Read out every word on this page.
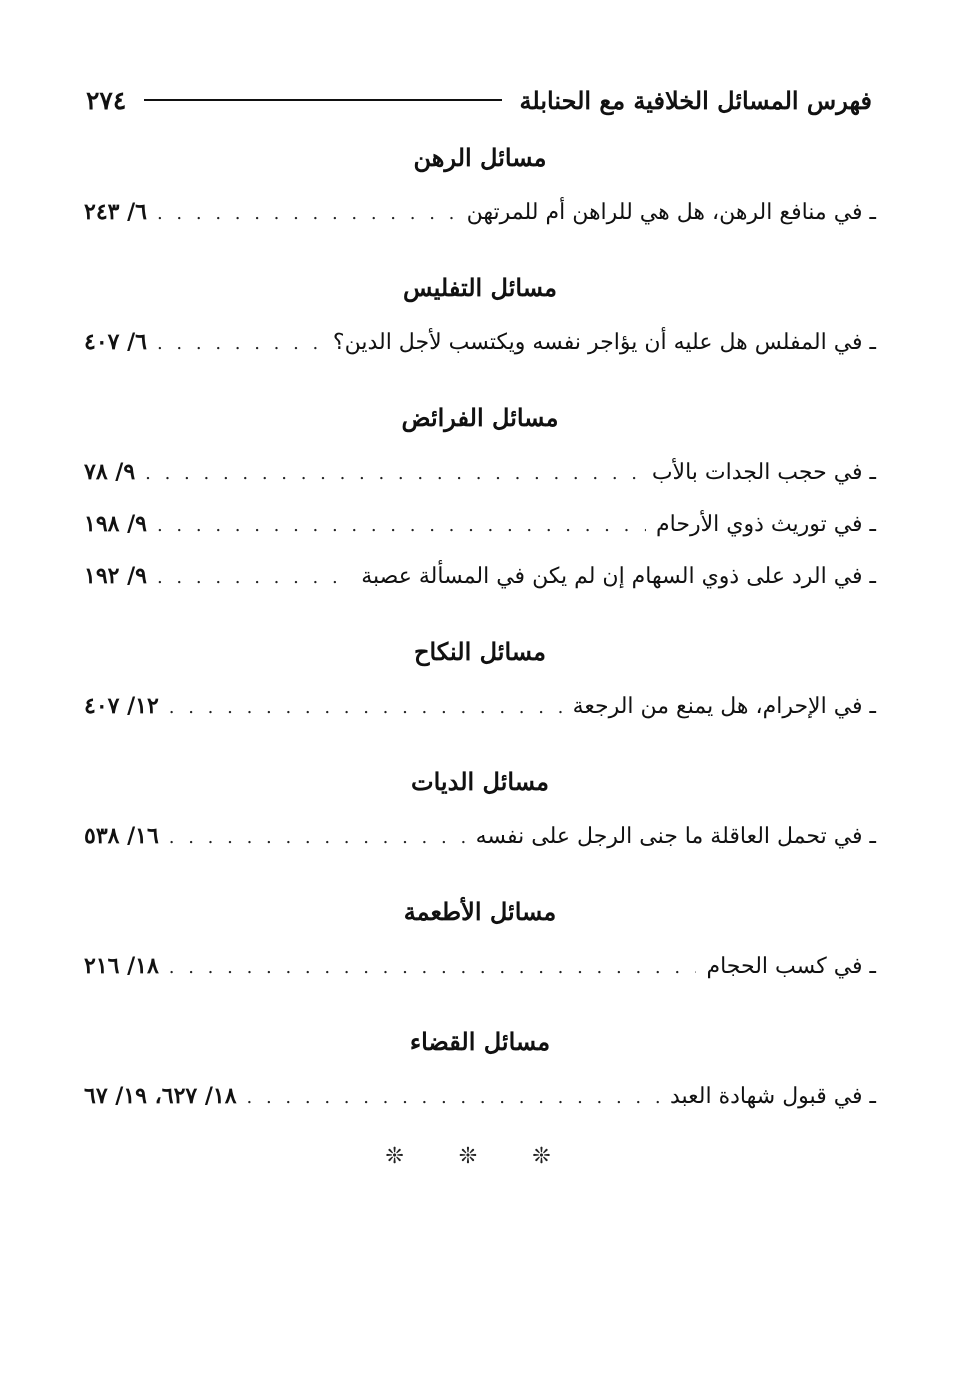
فهرس المسائل الخلافية مع الحنابلة
٢٧٤
مسائل الرهن
ـ في منافع الرهن، هل هي للراهن أم للمرتهن
. . .
٦/ ٢٤٣
مسائل التفليس
ـ في المفلس هل عليه أن يؤاجر نفسه ويكتسب لأجل الدين؟
. . .
٦/ ٤٠٧
مسائل الفرائض
ـ في حجب الجدات بالأب
. . .
٩/ ٧٨
ـ في توريث ذوي الأرحام
. . .
٩/ ١٩٨
ـ في الرد على ذوي السهام إن لم يكن في المسألة عصبة
. . .
٩/ ١٩٢
مسائل النكاح
ـ في الإحرام، هل يمنع من الرجعة
. . .
١٢/ ٤٠٧
مسائل الديات
ـ في تحمل العاقلة ما جنى الرجل على نفسه
. . .
١٦/ ٥٣٨
مسائل الأطعمة
ـ في كسب الحجام
. . .
١٨/ ٢١٦
مسائل القضاء
ـ في قبول شهادة العبد
. . .
١٨/ ٦٢٧، ١٩/ ٦٧
❊ ❊ ❊
